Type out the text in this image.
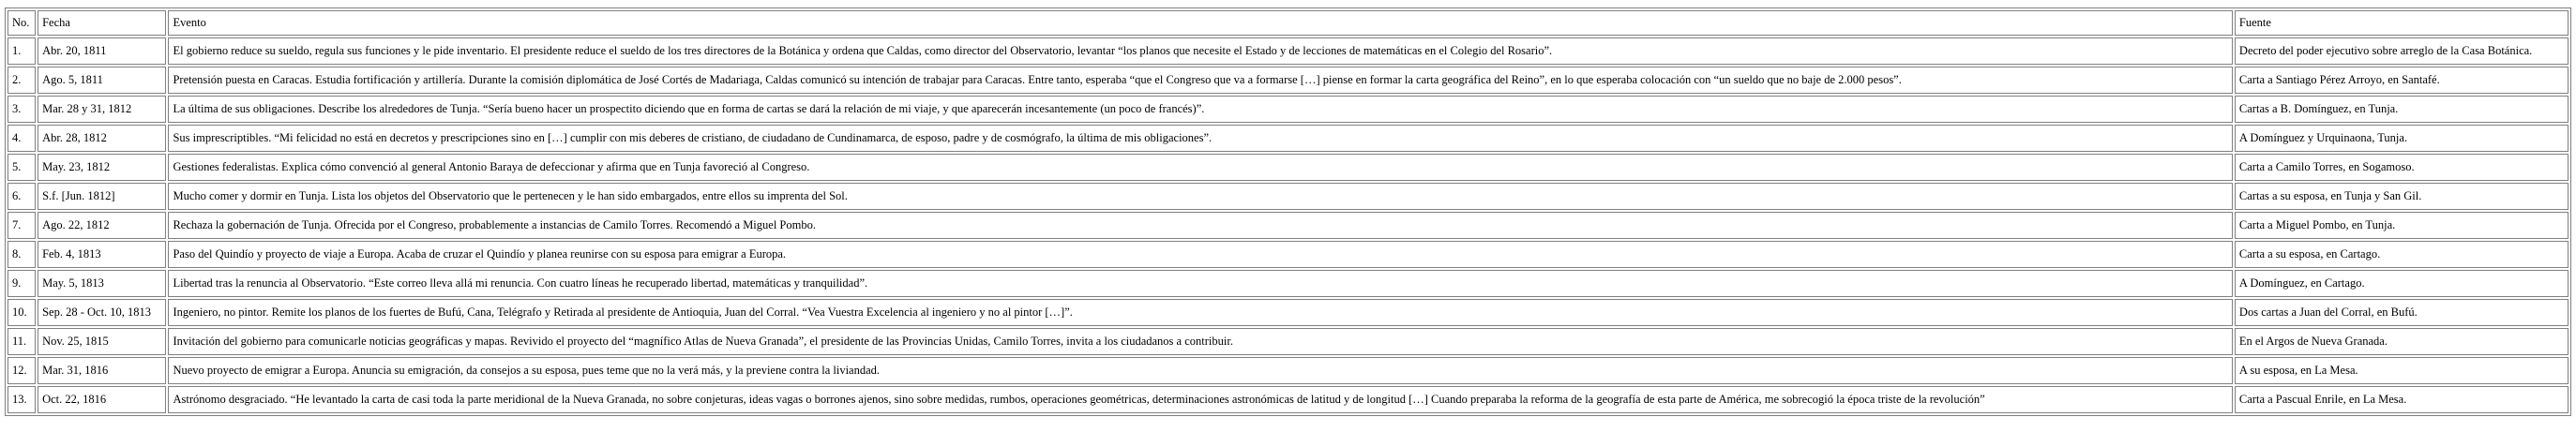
No.	Fecha	Evento	Fuente
1.	Abr. 20, 1811	El gobierno reduce su sueldo, regula sus funciones y le pide inventario. El presidente reduce el sueldo de los tres directores de la Botánica y ordena que Caldas, como director del Observatorio, levantar “los planos que necesite el Estado y de lecciones de matemáticas en el Colegio del Rosario”.	Decreto del poder ejecutivo sobre arreglo de la Casa Botánica.
2.	Ago. 5, 1811	Pretensión puesta en Caracas. Estudia fortificación y artillería. Durante la comisión diplomática de José Cortés de Madariaga, Caldas comunicó su intención de trabajar para Caracas. Entre tanto, esperaba “que el Congreso que va a formarse […] piense en formar la carta geográfica del Reino”, en lo que esperaba colocación con “un sueldo que no baje de 2.000 pesos”.	Carta a Santiago Pérez Arroyo, en Santafé.
3.	Mar. 28 y 31, 1812	La última de sus obligaciones. Describe los alrededores de Tunja. “Sería bueno hacer un prospectito diciendo que en forma de cartas se dará la relación de mi viaje, y que aparecerán incesantemente (un poco de francés)”.	Cartas a B. Domínguez, en Tunja.
4.	Abr. 28, 1812	Sus imprescriptibles. “Mi felicidad no está en decretos y prescripciones sino en […] cumplir con mis deberes de cristiano, de ciudadano de Cundinamarca, de esposo, padre y de cosmógrafo, la última de mis obligaciones”.	A Domínguez y Urquinaona, Tunja.
5.	May. 23, 1812	Gestiones federalistas. Explica cómo convenció al general Antonio Baraya de defeccionar y afirma que en Tunja favoreció al Congreso.	Carta a Camilo Torres, en Sogamoso.
6.	S.f. [Jun. 1812]	Mucho comer y dormir en Tunja. Lista los objetos del Observatorio que le pertenecen y le han sido embargados, entre ellos su imprenta del Sol.	Cartas a su esposa, en Tunja y San Gil.
7.	Ago. 22, 1812	Rechaza la gobernación de Tunja. Ofrecida por el Congreso, probablemente a instancias de Camilo Torres. Recomendó a Miguel Pombo.	Carta a Miguel Pombo, en Tunja.
8.	Feb. 4, 1813	Paso del Quindío y proyecto de viaje a Europa. Acaba de cruzar el Quindío y planea reunirse con su esposa para emigrar a Europa.	Carta a su esposa, en Cartago.
9.	May. 5, 1813	Libertad tras la renuncia al Observatorio. “Este correo lleva allá mi renuncia. Con cuatro líneas he recuperado libertad, matemáticas y tranquilidad”.	A Domínguez, en Cartago.
10.	Sep. 28 - Oct. 10, 1813	Ingeniero, no pintor. Remite los planos de los fuertes de Bufú, Cana, Telégrafo y Retirada al presidente de Antioquia, Juan del Corral. “Vea Vuestra Excelencia al ingeniero y no al pintor […]”.	Dos cartas a Juan del Corral, en Bufú.
11.	Nov. 25, 1815	Invitación del gobierno para comunicarle noticias geográficas y mapas. Revivido el proyecto del “magnífico Atlas de Nueva Granada”, el presidente de las Provincias Unidas, Camilo Torres, invita a los ciudadanos a contribuir.	En el Argos de Nueva Granada.
12.	Mar. 31, 1816	Nuevo proyecto de emigrar a Europa. Anuncia su emigración, da consejos a su esposa, pues teme que no la verá más, y la previene contra la liviandad.	A su esposa, en La Mesa.
13.	Oct. 22, 1816	Astrónomo desgraciado. “He levantado la carta de casi toda la parte meridional de la Nueva Granada, no sobre conjeturas, ideas vagas o borrones ajenos, sino sobre medidas, rumbos, operaciones geométricas, determinaciones astronómicas de latitud y de longitud […] Cuando preparaba la reforma de la geografía de esta parte de América, me sobrecogió la época triste de la revolución”	Carta a Pascual Enrile, en La Mesa.
